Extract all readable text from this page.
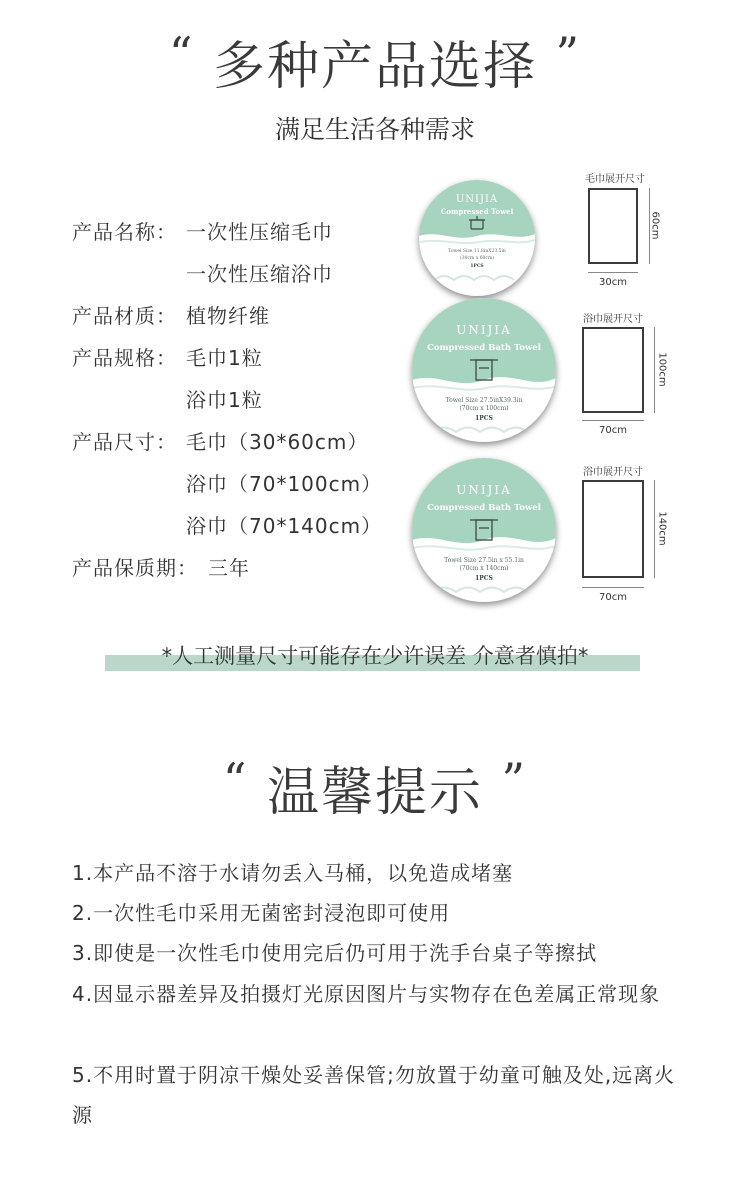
“ 多种产品选择 ”
满足生活各种需求
产品名称： 一次性压缩毛巾
一次性压缩浴巾
产品材质： 植物纤维
产品规格： 毛巾1粒
浴巾1粒
产品尺寸： 毛巾（30*60cm）
浴巾（70*100cm）
浴巾（70*140cm）
产品保质期： 三年
UNIJIA
Compressed Towel
Towel Size 11.8inX23.5in
(30cm x 60cm)
1PCS
UNIJIA
Compressed Bath Towel
Towel Size 27.5inX39.3in
(70cm x 100cm)
1PCS
UNIJIA
Compressed Bath Towel
Towel Size 27.5in x 55.1in
(70cm x 140cm)
1PCS
毛巾展开尺寸
60cm
30cm
浴巾展开尺寸
100cm
70cm
浴巾展开尺寸
140cm
70cm
*人工测量尺寸可能存在少许误差 介意者慎拍*
“ 温馨提示 ”
1.本产品不溶于水请勿丢入马桶，以免造成堵塞
2.一次性毛巾采用无菌密封浸泡即可使用
3.即使是一次性毛巾使用完后仍可用于洗手台桌子等擦拭
4.因显示器差异及拍摄灯光原因图片与实物存在色差属正常现象
5.不用时置于阴凉干燥处妥善保管;勿放置于幼童可触及处,远离火源
